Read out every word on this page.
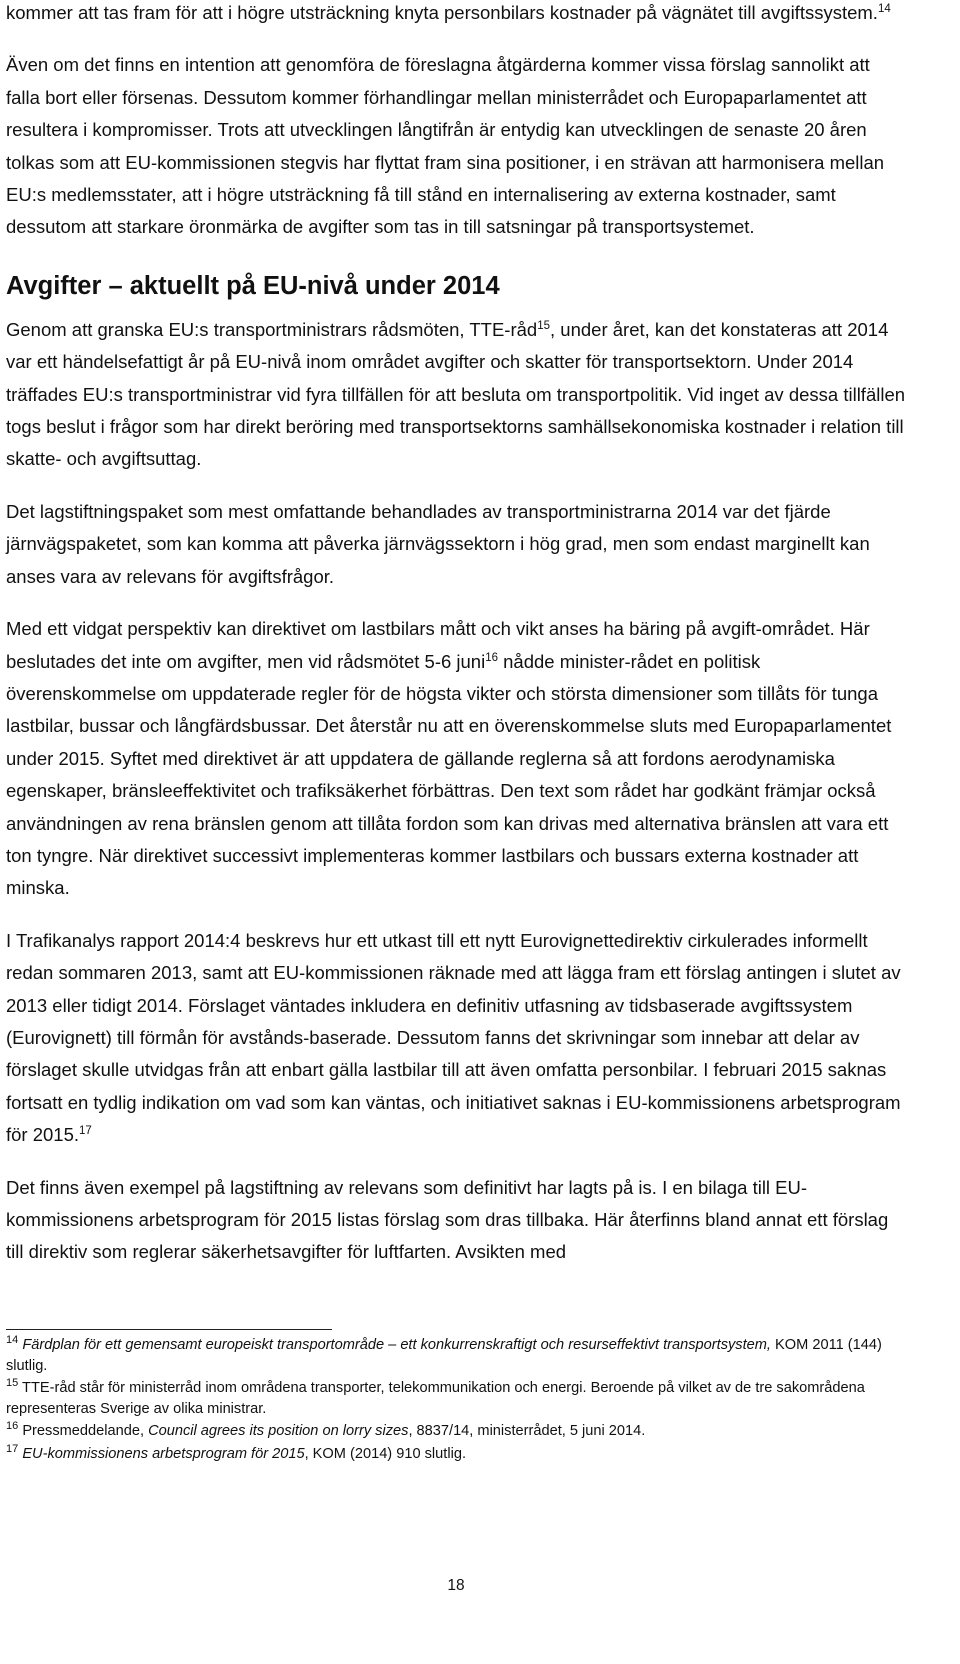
kommer att tas fram för att i högre utsträckning knyta personbilars kostnader på vägnätet till avgiftssystem.$^{14}$

Även om det finns en intention att genomföra de föreslagna åtgärderna kommer vissa förslag sannolikt att falla bort eller försenas. Dessutom kommer förhandlingar mellan ministerrådet och Europaparlamentet att resultera i kompromisser. Trots att utvecklingen långtifrån är entydig kan utvecklingen de senaste 20 åren tolkas som att EU-kommissionen stegvis har flyttat fram sina positioner, i en strävan att harmonisera mellan EU:s medlemsstater, att i högre utsträckning få till stånd en internalisering av externa kostnader, samt dessutom att starkare öronmärka de avgifter som tas in till satsningar på transportsystemet.

Avgifter – aktuellt på EU-nivå under 2014

Genom att granska EU:s transportministrars rådsmöten, TTE-råd$^{15}$, under året, kan det konstateras att 2014 var ett händelsefattigt år på EU-nivå inom området avgifter och skatter för transportsektorn. Under 2014 träffades EU:s transportministrar vid fyra tillfällen för att besluta om transportpolitik. Vid inget av dessa tillfällen togs beslut i frågor som har direkt beröring med transportsektorns samhällsekonomiska kostnader i relation till skatte- och avgiftsuttag.

Det lagstiftningspaket som mest omfattande behandlades av transportministrarna 2014 var det fjärde järnvägspaketet, som kan komma att påverka järnvägssektorn i hög grad, men som endast marginellt kan anses vara av relevans för avgiftsfrågor.

Med ett vidgat perspektiv kan direktivet om lastbilars mått och vikt anses ha bäring på avgift-området. Här beslutades det inte om avgifter, men vid rådsmötet 5-6 juni$^{16}$ nådde minister-rådet en politisk överenskommelse om uppdaterade regler för de högsta vikter och största dimensioner som tillåts för tunga lastbilar, bussar och långfärdsbussar. Det återstår nu att en överenskommelse sluts med Europaparlamentet under 2015. Syftet med direktivet är att uppdatera de gällande reglerna så att fordons aerodynamiska egenskaper, bränsleeffektivitet och trafiksäkerhet förbättras. Den text som rådet har godkänt främjar också användningen av rena bränslen genom att tillåta fordon som kan drivas med alternativa bränslen att vara ett ton tyngre. När direktivet successivt implementeras kommer lastbilars och bussars externa kostnader att minska.

I Trafikanalys rapport 2014:4 beskrevs hur ett utkast till ett nytt Eurovignettedirektiv cirkulerades informellt redan sommaren 2013, samt att EU-kommissionen räknade med att lägga fram ett förslag antingen i slutet av 2013 eller tidigt 2014. Förslaget väntades inkludera en definitiv utfasning av tidsbaserade avgiftssystem (Eurovignett) till förmån för avstånds-baserade. Dessutom fanns det skrivningar som innebar att delar av förslaget skulle utvidgas från att enbart gälla lastbilar till att även omfatta personbilar. I februari 2015 saknas fortsatt en tydlig indikation om vad som kan väntas, och initiativet saknas i EU-kommissionens arbetsprogram för 2015.17

Det finns även exempel på lagstiftning av relevans som definitivt har lagts på is. I en bilaga till EU-kommissionens arbetsprogram för 2015 listas förslag som dras tillbaka. Här återfinns bland annat ett förslag till direktiv som reglerar säkerhetsavgifter för luftfarten. Avsikten med

$^{14}$ Färdplan för ett gemensamt europeiskt transportområde – ett konkurrenskraftigt och resurseffektivt transportsystem, KOM 2011 (144) slutlig.

$^{15}$ TTE-råd står för ministerråd inom områdena transporter, telekommunikation och energi. Beroende på vilket av de tre sakområdena representeras Sverige av olika ministrar.

$^{16}$ Pressmeddelande, Council agrees its position on lorry sizes, 8837/14, ministerrådet, 5 juni 2014.

$^{17}$ EU-kommissionens arbetsprogram för 2015, KOM (2014) 910 slutlig.

18
